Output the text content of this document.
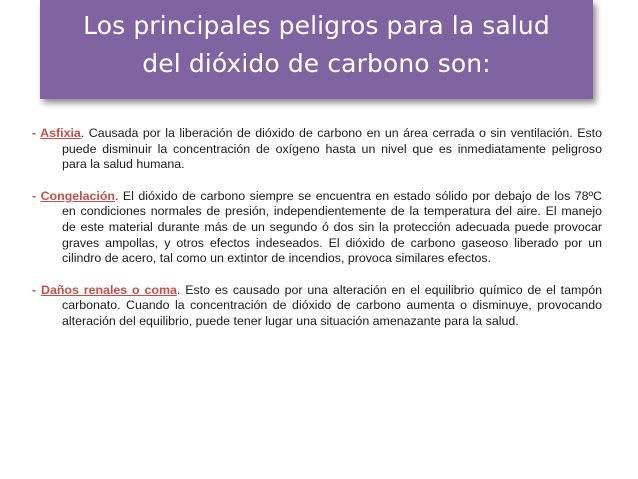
Los principales peligros para la salud
del dióxido de carbono son:

- Asfixia. Causada por la liberación de dióxido de carbono en un área cerrada o sin ventilación. Esto puede disminuir la concentración de oxígeno hasta un nivel que es inmediatamente peligroso para la salud humana.

- Congelación. El dióxido de carbono siempre se encuentra en estado sólido por debajo de los 78ºC en condiciones normales de presión, independientemente de la temperatura del aire. El manejo de este material durante más de un segundo ó dos sin la protección adecuada puede provocar graves ampollas, y otros efectos indeseados. El dióxido de carbono gaseoso liberado por un cilindro de acero, tal como un extintor de incendios, provoca similares efectos.

- Daños renales o coma. Esto es causado por una alteración en el equilibrio químico de el tampón carbonato. Cuando la concentración de dióxido de carbono aumenta o disminuye, provocando alteración del equilibrio, puede tener lugar una situación amenazante para la salud.
